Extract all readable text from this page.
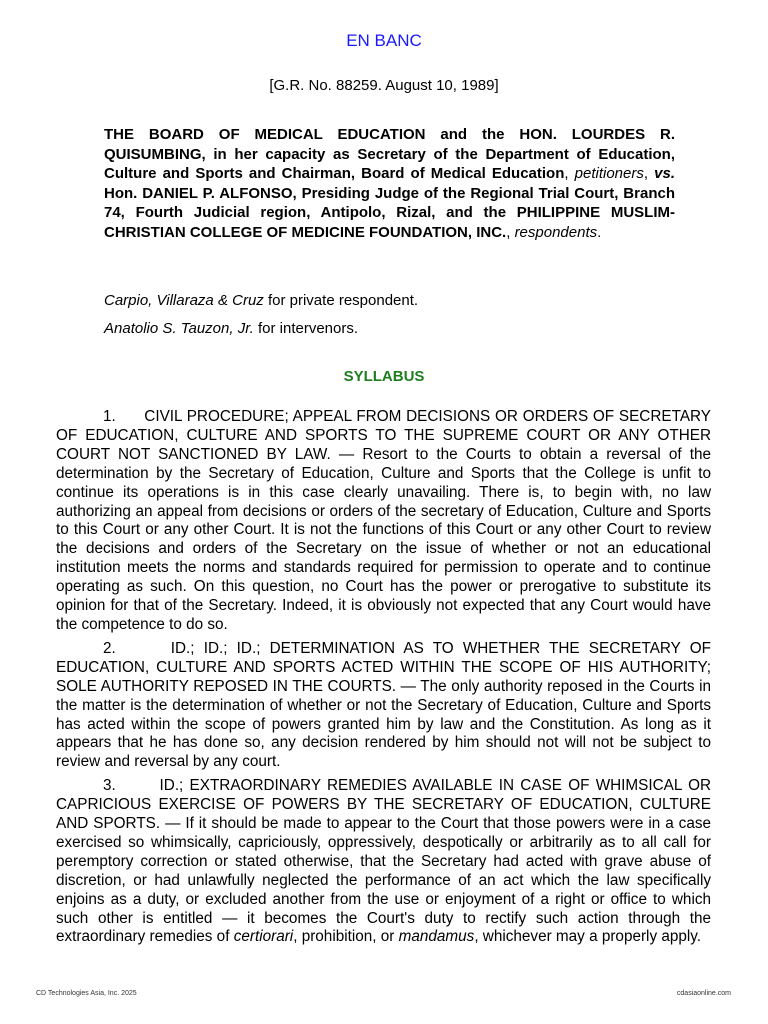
EN BANC
[G.R. No. 88259. August 10, 1989]
THE BOARD OF MEDICAL EDUCATION and the HON. LOURDES R. QUISUMBING, in her capacity as Secretary of the Department of Education, Culture and Sports and Chairman, Board of Medical Education, petitioners, vs. Hon. DANIEL P. ALFONSO, Presiding Judge of the Regional Trial Court, Branch 74, Fourth Judicial region, Antipolo, Rizal, and the PHILIPPINE MUSLIM-CHRISTIAN COLLEGE OF MEDICINE FOUNDATION, INC., respondents.
Carpio, Villaraza & Cruz for private respondent.
Anatolio S. Tauzon, Jr. for intervenors.
SYLLABUS

1. CIVIL PROCEDURE; APPEAL FROM DECISIONS OR ORDERS OF SECRETARY OF EDUCATION, CULTURE AND SPORTS TO THE SUPREME COURT OR ANY OTHER COURT NOT SANCTIONED BY LAW. — Resort to the Courts to obtain a reversal of the determination by the Secretary of Education, Culture and Sports that the College is unfit to continue its operations is in this case clearly unavailing. There is, to begin with, no law authorizing an appeal from decisions or orders of the secretary of Education, Culture and Sports to this Court or any other Court. It is not the functions of this Court or any other Court to review the decisions and orders of the Secretary on the issue of whether or not an educational institution meets the norms and standards required for permission to operate and to continue operating as such. On this question, no Court has the power or prerogative to substitute its opinion for that of the Secretary. Indeed, it is obviously not expected that any Court would have the competence to do so.

2.	ID.; ID.; ID.; DETERMINATION AS TO WHETHER THE SECRETARY OF EDUCATION, CULTURE AND SPORTS ACTED WITHIN THE SCOPE OF HIS AUTHORITY; SOLE AUTHORITY REPOSED IN THE COURTS. — The only authority reposed in the Courts in the matter is the determination of whether or not the Secretary of Education, Culture and Sports has acted within the scope of powers granted him by law and the Constitution. As long as it appears that he has done so, any decision rendered by him should not will not be subject to review and reversal by any court.

3.	ID.; EXTRAORDINARY REMEDIES AVAILABLE IN CASE OF WHIMSICAL OR CAPRICIOUS EXERCISE OF POWERS BY THE SECRETARY OF EDUCATION, CULTURE AND SPORTS. — If it should be made to appear to the Court that those powers were in a case exercised so whimsically, capriciously, oppressively, despotically or arbitrarily as to all call for peremptory correction or stated otherwise, that the Secretary had acted with grave abuse of discretion, or had unlawfully neglected the performance of an act which the law specifically enjoins as a duty, or excluded another from the use or enjoyment of a right or office to which such other is entitled — it becomes the Court's duty to rectify such action through the extraordinary remedies of certiorari, prohibition, or mandamus, whichever may a properly apply.

CD Technologies Asia, Inc. 2025	cdasiaonline.com
